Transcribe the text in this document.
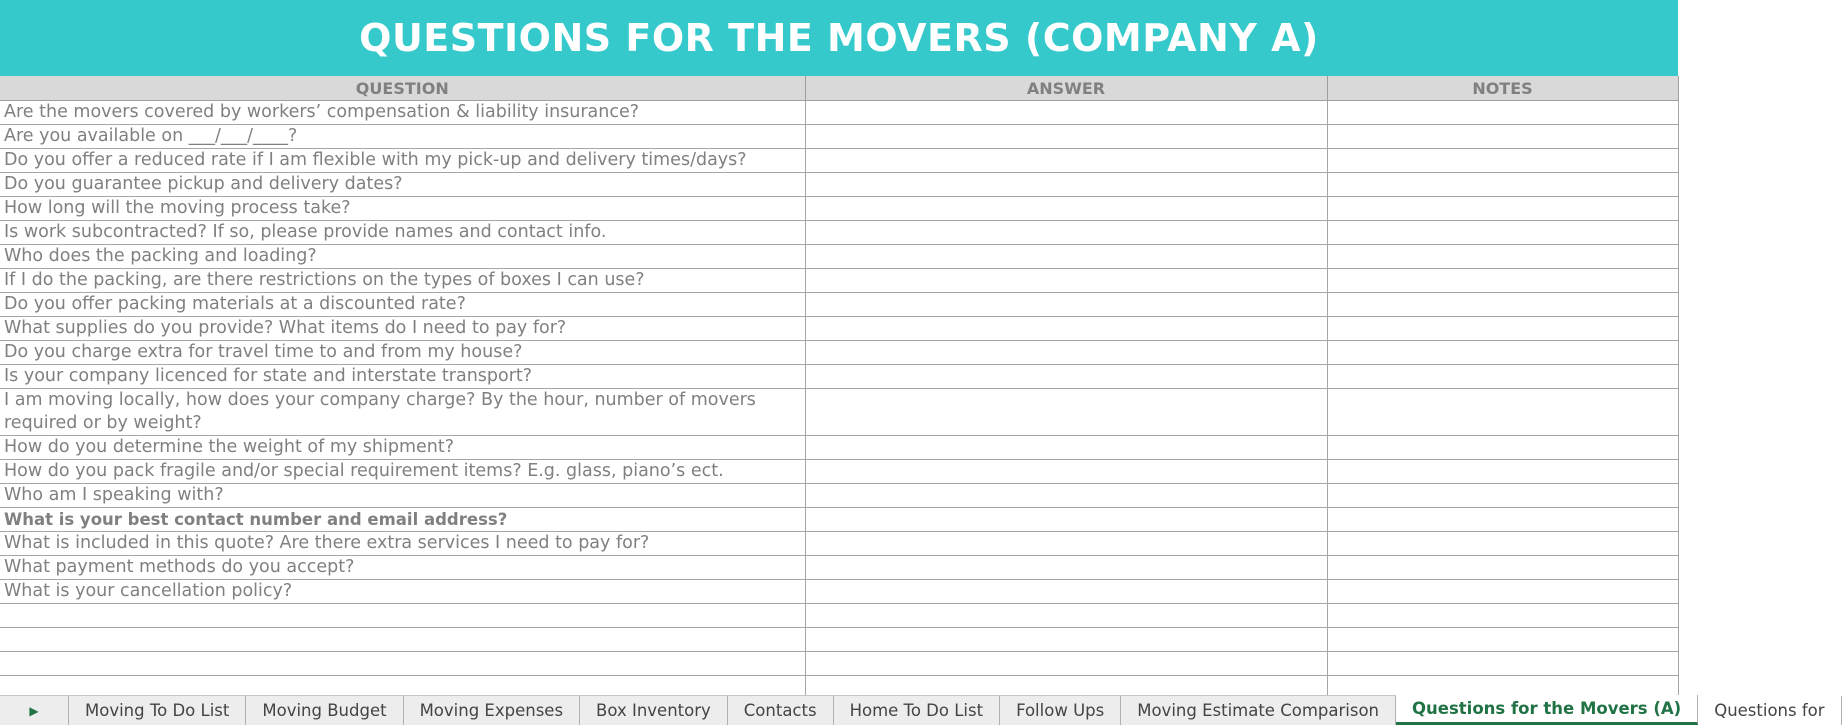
QUESTIONS FOR THE MOVERS (COMPANY A)
QUESTION	ANSWER	NOTES
Are the movers covered by workers’ compensation & liability insurance?		
Are you available on ___/___/____?		
Do you offer a reduced rate if I am flexible with my pick-up and delivery times/days?		
Do you guarantee pickup and delivery dates?		
How long will the moving process take?		
Is work subcontracted? If so, please provide names and contact info.		
Who does the packing and loading?		
If I do the packing, are there restrictions on the types of boxes I can use?		
Do you offer packing materials at a discounted rate?		
What supplies do you provide? What items do I need to pay for?		
Do you charge extra for travel time to and from my house?		
Is your company licenced for state and interstate transport?		
I am moving locally, how does your company charge? By the hour, number of movers required or by weight?		
How do you determine the weight of my shipment?		
How do you pack fragile and/or special requirement items? E.g. glass, piano’s ect.		
Who am I speaking with?		
What is your best contact number and email address?		
What is included in this quote? Are there extra services I need to pay for?		
What payment methods do you accept?		
What is your cancellation policy?		

▶	Moving To Do List	Moving Budget	Moving Expenses	Box Inventory	Contacts	Home To Do List	Follow Ups	Moving Estimate Comparison	Questions for the Movers (A)	Questions for
